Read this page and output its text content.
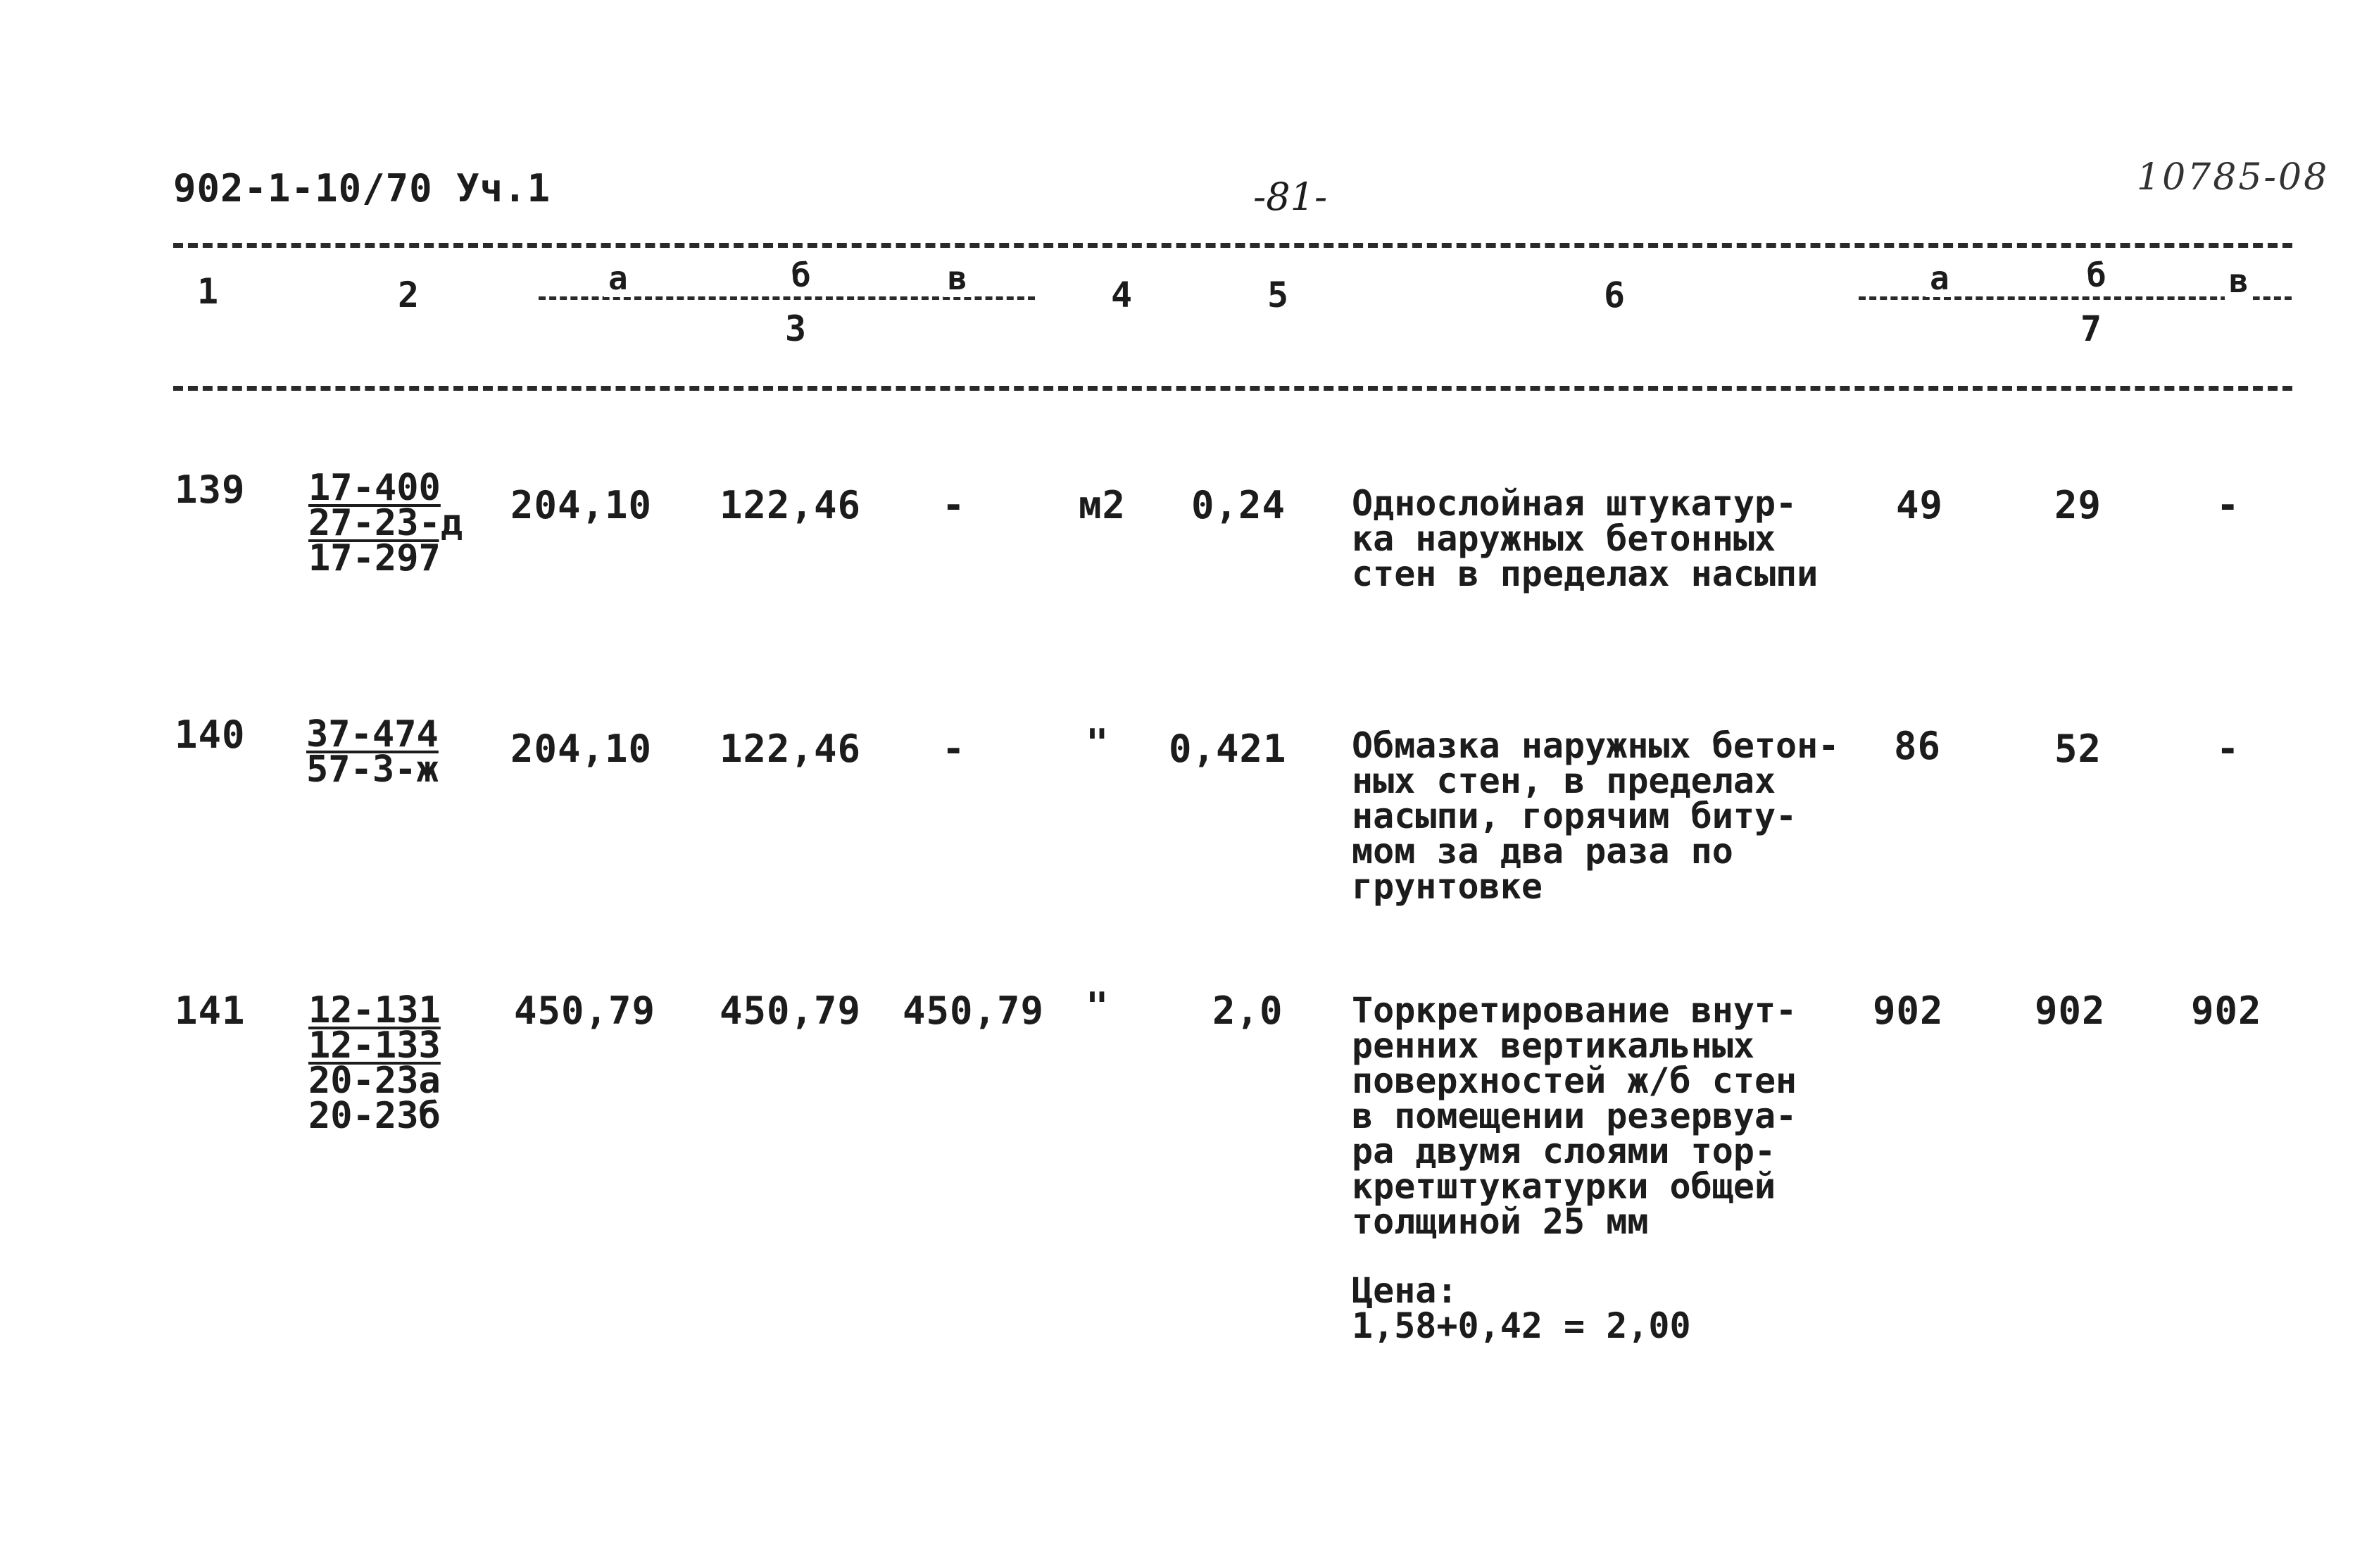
902-1-10/70 Уч.1	-81-	10785-08
1	2	а	б	в
3
4	5	6	а	б	в
7
139 17-400
27-23-д
17-297
204,10 122,46 -	м2 0,24 Однослойная штукатур-
ка наружных бетонных
стен в пределах насыпи
49	29	-
140 37-474
57-3-ж 204,10 122,46 -	" 0,421 Обмазка наружных бетон-
ных стен, в пределах
насыпи, горячим биту-
мом за два раза по
грунтовке
86	52	-
141 12-131
12-133
20-23а
20-23б
450,79 450,79 450,79 "	2,0 Торкретирование внут-
ренних вертикальных
поверхностей ж/б стен
в помещении резервуа-
ра двумя слоями тор-
кретштукатурки общей
толщиной 25 мм
Цена:
1,58+0,42 = 2,00
902 902 902
